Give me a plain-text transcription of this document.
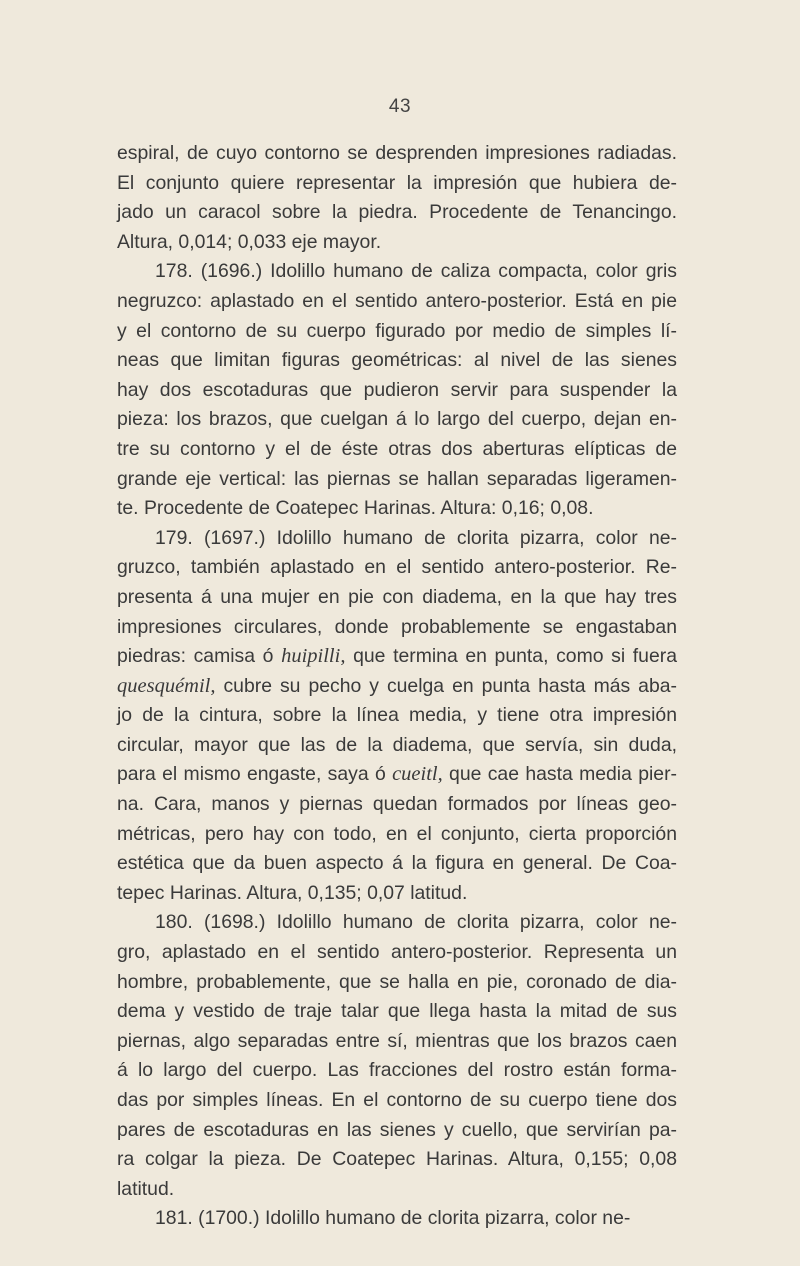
43
espiral, de cuyo contorno se desprenden impresiones radiadas.
El conjunto quiere representar la impresión que hubiera de-
jado un caracol sobre la piedra. Procedente de Tenancingo.
Altura, 0,014; 0,033 eje mayor.
178. (1696.) Idolillo humano de caliza compacta, color gris
negruzco: aplastado en el sentido antero-posterior. Está en pie
y el contorno de su cuerpo figurado por medio de simples lí-
neas que limitan figuras geométricas: al nivel de las sienes
hay dos escotaduras que pudieron servir para suspender la
pieza: los brazos, que cuelgan á lo largo del cuerpo, dejan en-
tre su contorno y el de éste otras dos aberturas elípticas de
grande eje vertical: las piernas se hallan separadas ligeramen-
te. Procedente de Coatepec Harinas. Altura: 0,16; 0,08.
179. (1697.) Idolillo humano de clorita pizarra, color ne-
gruzco, también aplastado en el sentido antero-posterior. Re-
presenta á una mujer en pie con diadema, en la que hay tres
impresiones circulares, donde probablemente se engastaban
piedras: camisa ó huipilli, que termina en punta, como si fuera
quesquémil, cubre su pecho y cuelga en punta hasta más aba-
jo de la cintura, sobre la línea media, y tiene otra impresión
circular, mayor que las de la diadema, que servía, sin duda,
para el mismo engaste, saya ó cueitl, que cae hasta media pier-
na. Cara, manos y piernas quedan formados por líneas geo-
métricas, pero hay con todo, en el conjunto, cierta proporción
estética que da buen aspecto á la figura en general. De Coa-
tepec Harinas. Altura, 0,135; 0,07 latitud.
180. (1698.) Idolillo humano de clorita pizarra, color ne-
gro, aplastado en el sentido antero-posterior. Representa un
hombre, probablemente, que se halla en pie, coronado de dia-
dema y vestido de traje talar que llega hasta la mitad de sus
piernas, algo separadas entre sí, mientras que los brazos caen
á lo largo del cuerpo. Las fracciones del rostro están forma-
das por simples líneas. En el contorno de su cuerpo tiene dos
pares de escotaduras en las sienes y cuello, que servirían pa-
ra colgar la pieza. De Coatepec Harinas. Altura, 0,155; 0,08
latitud.
181. (1700.) Idolillo humano de clorita pizarra, color ne-
